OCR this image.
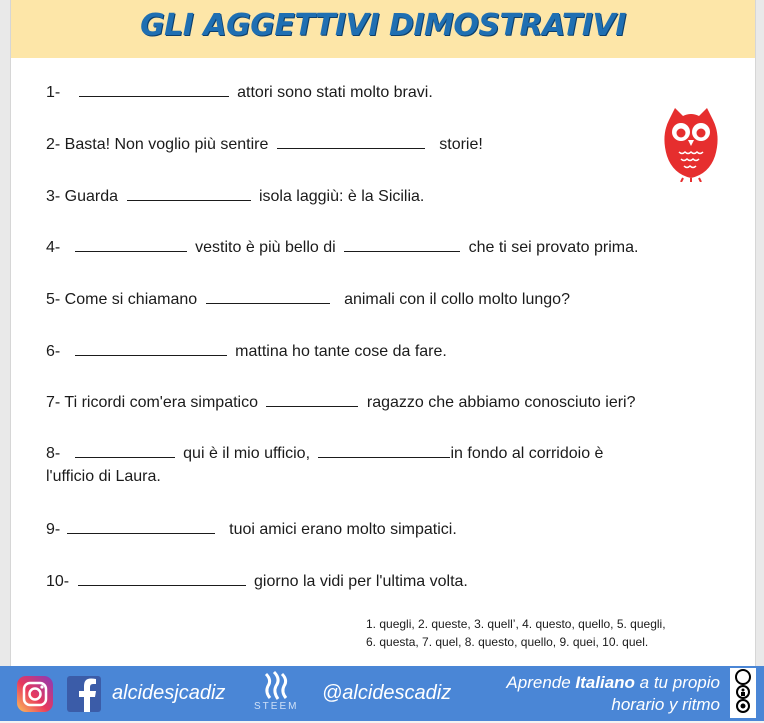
GLI AGGETTIVI DIMOSTRATIVI
1-	attori sono stati molto bravi.
2- Basta! Non voglio più sentire	storie!
3- Guarda	isola laggiù: è la Sicilia.
4-	vestito è più bello di	che ti sei provato prima.
5- Come si chiamano	animali con il collo molto lungo?
6-	mattina ho tante cose da fare.
7- Ti ricordi com'era simpatico	ragazzo che abbiamo conosciuto ieri?
8-	qui è il mio ufficio,	in fondo al corridoio è
l'ufficio di Laura.
9-	tuoi amici erano molto simpatici.
10-	giorno la vidi per l'ultima volta.
1. quegli, 2. queste, 3. quell’, 4. questo, quello, 5. quegli,
6. questa, 7. quel, 8. questo, quello, 9. quei, 10. quel.
alcidesjcadiz
STEEM
@alcidescadiz	Aprende Italiano a tu propio
horario y ritmo
